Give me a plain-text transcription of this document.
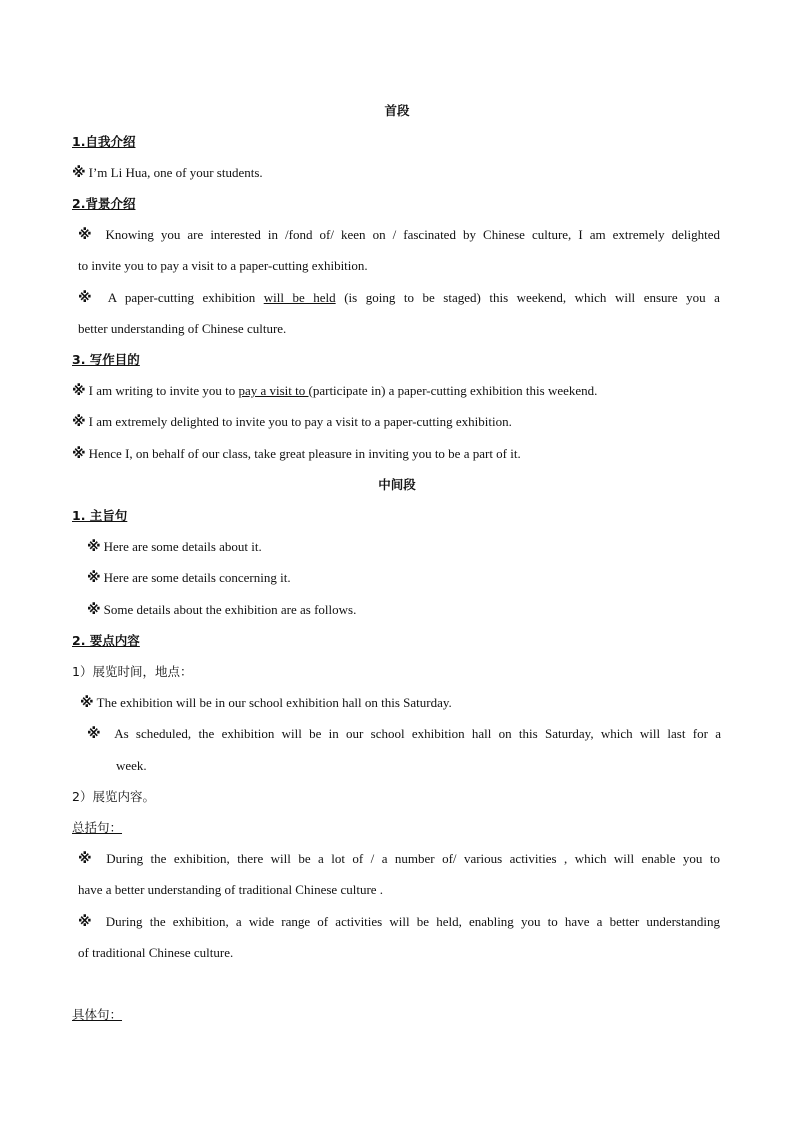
首段
1.自我介绍
※ I’m Li Hua, one of your students.
2.背景介绍
※ Knowing you are interested in /fond of/ keen on / fascinated by Chinese culture, I am extremely delighted
to invite you to pay a visit to a paper-cutting exhibition.
※ A paper-cutting exhibition will be held (is going to be staged) this weekend, which will ensure you a
better understanding of Chinese culture.
3. 写作目的
※ I am writing to invite you to pay a visit to (participate in) a paper-cutting exhibition this weekend.
※ I am extremely delighted to invite you to pay a visit to a paper-cutting exhibition.
※ Hence I, on behalf of our class, take great pleasure in inviting you to be a part of it.
中间段
1. 主旨句
※ Here are some details about it.
※ Here are some details concerning it.
※ Some details about the exhibition are as follows.
2. 要点内容
1）展览时间，地点：
※ The exhibition will be in our school exhibition hall on this Saturday.
※ As scheduled, the exhibition will be in our school exhibition hall on this Saturday, which will last for a
week.
2）展览内容。
总括句：
※ During the exhibition, there will be a lot of / a number of/ various activities , which will enable you to
have a better understanding of traditional Chinese culture .
※ During the exhibition, a wide range of activities will be held, enabling you to have a better understanding
of traditional Chinese culture.
具体句：
